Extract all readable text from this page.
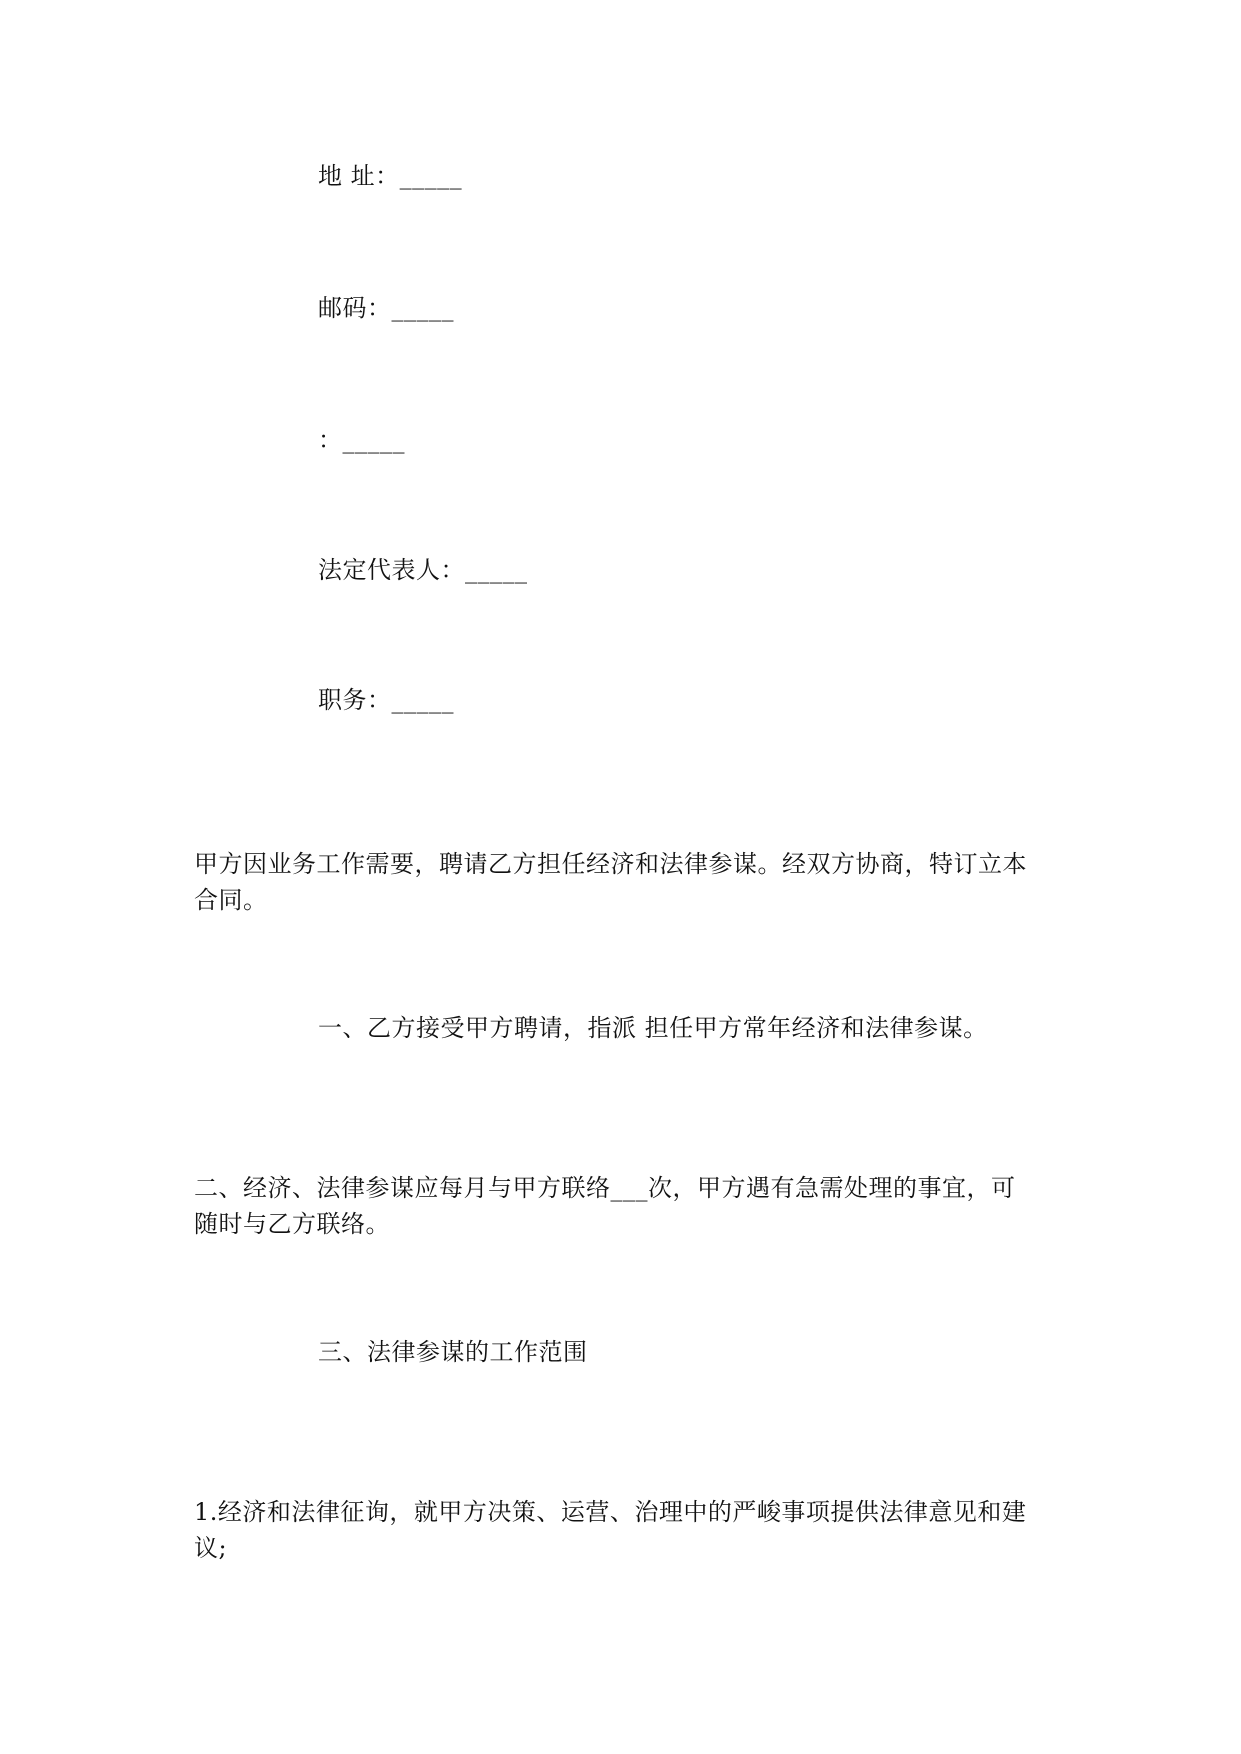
地 址：_____
邮码：_____
：_____
法定代表人：_____
职务：_____
甲方因业务工作需要，聘请乙方担任经济和法律参谋。经双方协商，特订立本
合同。
一、乙方接受甲方聘请，指派 担任甲方常年经济和法律参谋。
二、经济、法律参谋应每月与甲方联络___次，甲方遇有急需处理的事宜，可
随时与乙方联络。
三、法律参谋的工作范围
1.经济和法律征询，就甲方决策、运营、治理中的严峻事项提供法律意见和建
议;
